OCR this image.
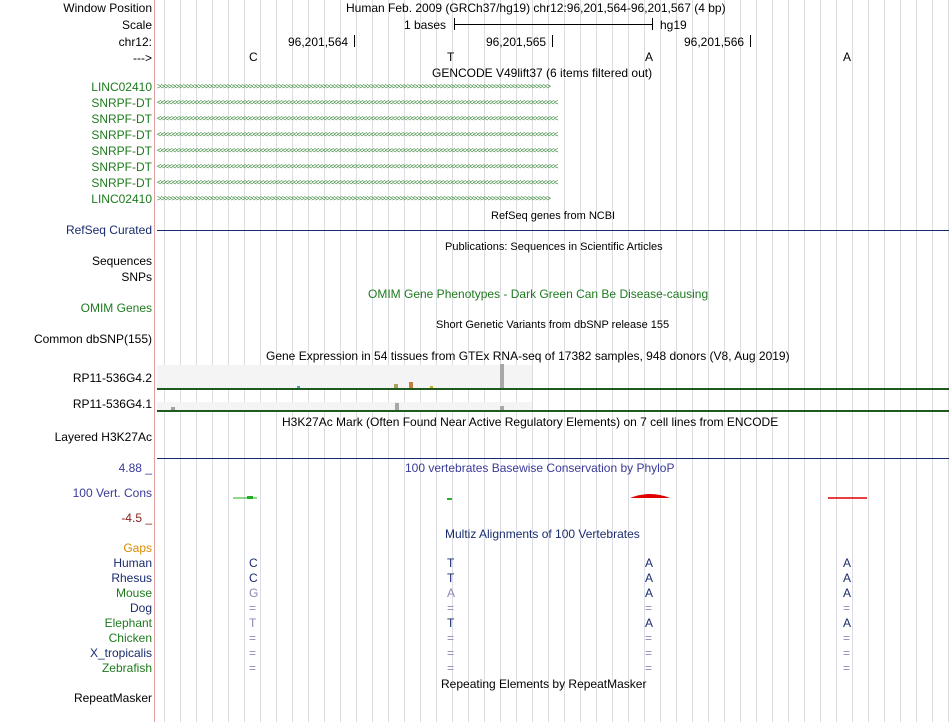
Window Position	Human Feb. 2009 (GRCh37/hg19) chr12:96,201,564-96,201,567 (4 bp)
Scale	1 bases	hg19
chr12:	96,201,564	96,201,565	96,201,566
--->	C	T	A	A
GENCODE V49lift37 (6 items filtered out)
LINC02410 >>>>>>>>>>>>>>>>>>>>>>>>>>>>>>>>>>>>>>>>>>>>>>>>>>>>>>>>>>>>>>>>>>>>>>>>>>>>>>>>>>>>>>>>>>>>>>>>>>>>>>>>>>>
SNRPF-DT <<<<<<<<<<<<<<<<<<<<<<<<<<<<<<<<<<<<<<<<<<<<<<<<<<<<<<<<<<<<<<<<<<<<<<<<<<<<<<<<<<<<<<<<<<<<<<<<<<<<<<<<<<<<<
SNRPF-DT <<<<<<<<<<<<<<<<<<<<<<<<<<<<<<<<<<<<<<<<<<<<<<<<<<<<<<<<<<<<<<<<<<<<<<<<<<<<<<<<<<<<<<<<<<<<<<<<<<<<<<<<<<<<<
SNRPF-DT <<<<<<<<<<<<<<<<<<<<<<<<<<<<<<<<<<<<<<<<<<<<<<<<<<<<<<<<<<<<<<<<<<<<<<<<<<<<<<<<<<<<<<<<<<<<<<<<<<<<<<<<<<<<<
SNRPF-DT <<<<<<<<<<<<<<<<<<<<<<<<<<<<<<<<<<<<<<<<<<<<<<<<<<<<<<<<<<<<<<<<<<<<<<<<<<<<<<<<<<<<<<<<<<<<<<<<<<<<<<<<<<<<<
SNRPF-DT <<<<<<<<<<<<<<<<<<<<<<<<<<<<<<<<<<<<<<<<<<<<<<<<<<<<<<<<<<<<<<<<<<<<<<<<<<<<<<<<<<<<<<<<<<<<<<<<<<<<<<<<<<<<<
SNRPF-DT <<<<<<<<<<<<<<<<<<<<<<<<<<<<<<<<<<<<<<<<<<<<<<<<<<<<<<<<<<<<<<<<<<<<<<<<<<<<<<<<<<<<<<<<<<<<<<<<<<<<<<<<<<<<<
LINC02410 >>>>>>>>>>>>>>>>>>>>>>>>>>>>>>>>>>>>>>>>>>>>>>>>>>>>>>>>>>>>>>>>>>>>>>>>>>>>>>>>>>>>>>>>>>>>>>>>>>>>>>>>>>>
RefSeq genes from NCBI
RefSeq Curated
Publications: Sequences in Scientific Articles
Sequences
SNPs
OMIM Gene Phenotypes - Dark Green Can Be Disease-causing
OMIM Genes
Short Genetic Variants from dbSNP release 155
Common dbSNP(155)
Gene Expression in 54 tissues from GTEx RNA-seq of 17382 samples, 948 donors (V8, Aug 2019)
RP11-536G4.2
RP11-536G4.1
H3K27Ac Mark (Often Found Near Active Regulatory Elements) on 7 cell lines from ENCODE
Layered H3K27Ac
100 vertebrates Basewise Conservation by PhyloP
4.88 _
100 Vert. Cons
-4.5 _
Multiz Alignments of 100 Vertebrates
Gaps
Human	C	T	A	A
Rhesus	C	T	A	A
Mouse	G	A	A	A
Dog	=	=	=	=
Elephant	T	T	A	A
Chicken	=	=	=	=
X_tropicalis	=	=	=	=
Zebrafish	=	=	=	=
Repeating Elements by RepeatMasker
RepeatMasker
